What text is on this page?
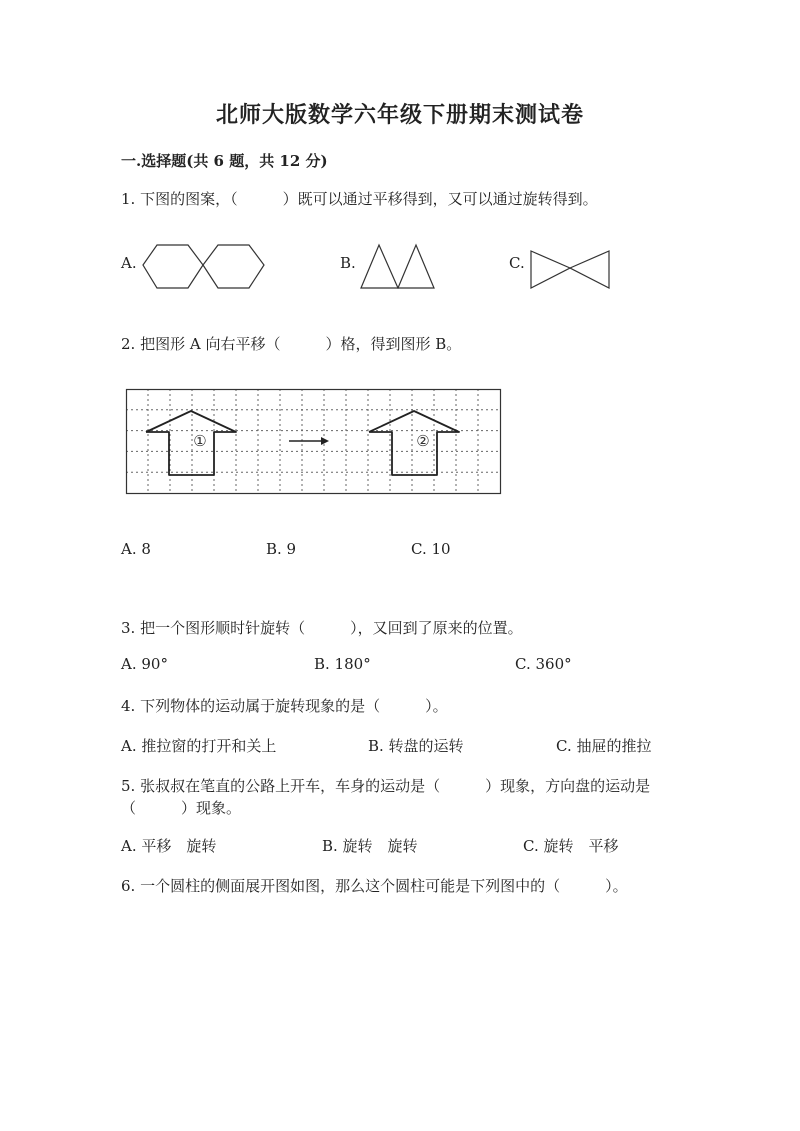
北师大版数学六年级下册期末测试卷
一.选择题(共 6 题，共 12 分)
1. 下图的图案，（　　　）既可以通过平移得到，又可以通过旋转得到。
A.	B.	C.
2. 把图形 A 向右平移（　　　）格，得到图形 B。
①	②
A. 8	B. 9	C. 10
3. 把一个图形顺时针旋转（　　　），又回到了原来的位置。
A. 90°	B. 180°	C. 360°
4. 下列物体的运动属于旋转现象的是（　　　）。
A. 推拉窗的打开和关上	B. 转盘的运转	C. 抽屉的推拉
5. 张叔叔在笔直的公路上开车，车身的运动是（　　　）现象，方向盘的运动是
（　　　）现象。
A. 平移　旋转	B. 旋转　旋转	C. 旋转　平移
6. 一个圆柱的侧面展开图如图，那么这个圆柱可能是下列图中的（　　　）。
